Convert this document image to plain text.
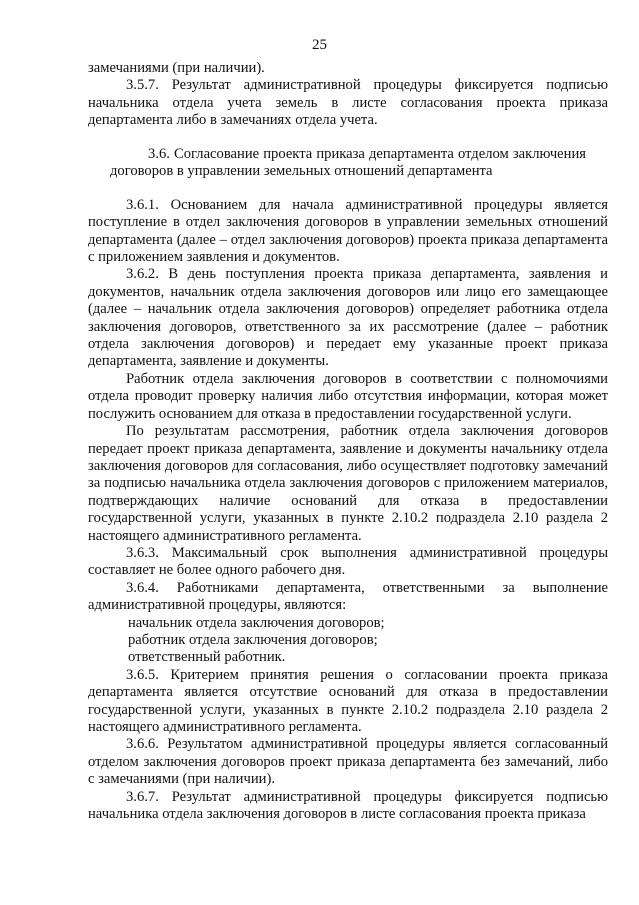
25

замечаниями (при наличии).

3.5.7. Результат административной процедуры фиксируется подписью начальника отдела учета земель в листе согласования проекта приказа департамента либо в замечаниях отдела учета.

3.6. Согласование проекта приказа департамента отделом заключения договоров в управлении земельных отношений департамента

3.6.1. Основанием для начала административной процедуры является поступление в отдел заключения договоров в управлении земельных отношений департамента (далее – отдел заключения договоров) проекта приказа департамента с приложением заявления и документов.

3.6.2. В день поступления проекта приказа департамента, заявления и документов, начальник отдела заключения договоров или лицо его замещающее (далее – начальник отдела заключения договоров) определяет работника отдела заключения договоров, ответственного за их рассмотрение (далее – работник отдела заключения договоров) и передает ему указанные проект приказа департамента, заявление и документы.

Работник отдела заключения договоров в соответствии с полномочиями отдела проводит проверку наличия либо отсутствия информации, которая может послужить основанием для отказа в предоставлении государственной услуги.

По результатам рассмотрения, работник отдела заключения договоров передает проект приказа департамента, заявление и документы начальнику отдела заключения договоров для согласования, либо осуществляет подготовку замечаний за подписью начальника отдела заключения договоров с приложением материалов, подтверждающих наличие оснований для отказа в предоставлении государственной услуги, указанных в пункте 2.10.2 подраздела 2.10 раздела 2 настоящего административного регламента.

3.6.3. Максимальный срок выполнения административной процедуры составляет не более одного рабочего дня.

3.6.4. Работниками департамента, ответственными за выполнение административной процедуры, являются:

начальник отдела заключения договоров;

работник отдела заключения договоров;

ответственный работник.

3.6.5. Критерием принятия решения о согласовании проекта приказа департамента является отсутствие оснований для отказа в предоставлении государственной услуги, указанных в пункте 2.10.2 подраздела 2.10 раздела 2 настоящего административного регламента.

3.6.6. Результатом административной процедуры является согласованный отделом заключения договоров проект приказа департамента без замечаний, либо с замечаниями (при наличии).

3.6.7. Результат административной процедуры фиксируется подписью начальника отдела заключения договоров в листе согласования проекта приказа
